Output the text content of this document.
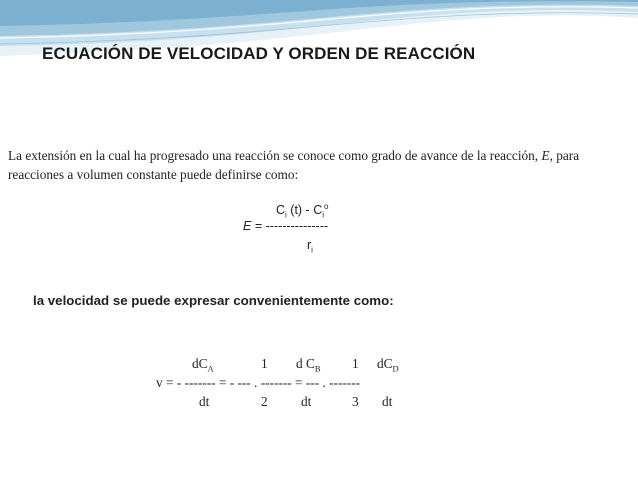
ECUACIÓN DE VELOCIDAD Y ORDEN DE REACCIÓN
La extensión en la cual ha progresado una reacción se conoce como grado de avance de la reacción, E, para reacciones a volumen constante puede definirse como:
$C_i$ $(t) - C_i^o$
E = ---------------
$r_i$
la velocidad se puede expresar convenientemente como:
$dC_A$	1 d $C_B$ 1 $dC_D$
v = - ------- = - --- . ------- = --- . -------
dt	2	dt	3 dt
